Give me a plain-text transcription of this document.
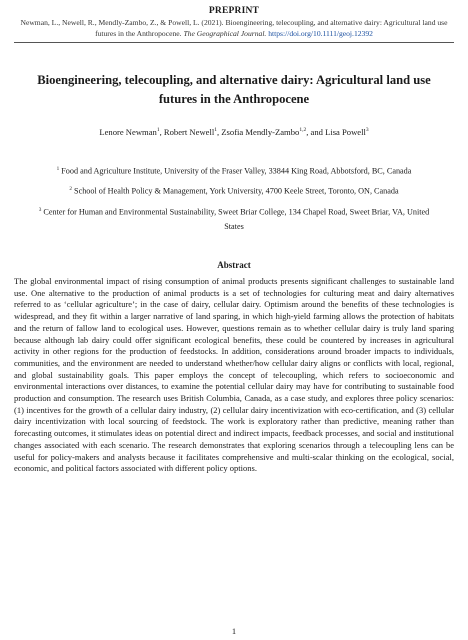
PREPRINT
Newman, L., Newell, R., Mendly-Zambo, Z., & Powell, L. (2021). Bioengineering, telecoupling, and alternative dairy: Agricultural land use futures in the Anthropocene. The Geographical Journal. https://doi.org/10.1111/geoj.12392
Bioengineering, telecoupling, and alternative dairy: Agricultural land use futures in the Anthropocene
Lenore Newman$^1$, Robert Newell$^1$, Zsofia Mendly-Zambo$^{1,2}$, and Lisa Powell$^3$
$^1$ Food and Agriculture Institute, University of the Fraser Valley, 33844 King Road, Abbotsford, BC, Canada
$^2$ School of Health Policy & Management, York University, 4700 Keele Street, Toronto, ON, Canada
$^3$ Center for Human and Environmental Sustainability, Sweet Briar College, 134 Chapel Road, Sweet Briar, VA, United States
Abstract
The global environmental impact of rising consumption of animal products presents significant challenges to sustainable land use. One alternative to the production of animal products is a set of technologies for culturing meat and dairy alternatives referred to as ‘cellular agriculture’; in the case of dairy, cellular dairy. Optimism around the benefits of these technologies is widespread, and they fit within a larger narrative of land sparing, in which high-yield farming allows the protection of habitats and the return of fallow land to ecological uses. However, questions remain as to whether cellular dairy is truly land sparing because although lab dairy could offer significant ecological benefits, these could be countered by increases in agricultural activity in other regions for the production of feedstocks. In addition, considerations around broader impacts to individuals, communities, and the environment are needed to understand whether/how cellular dairy aligns or conflicts with local, regional, and global sustainability goals. This paper employs the concept of telecoupling, which refers to socioeconomic and environmental interactions over distances, to examine the potential cellular dairy may have for contributing to sustainable food production and consumption. The research uses British Columbia, Canada, as a case study, and explores three policy scenarios: (1) incentives for the growth of a cellular dairy industry, (2) cellular dairy incentivization with eco-certification, and (3) cellular dairy incentivization with local sourcing of feedstock. The work is exploratory rather than predictive, meaning rather than forecasting outcomes, it stimulates ideas on potential direct and indirect impacts, feedback processes, and social and institutional changes associated with each scenario. The research demonstrates that exploring scenarios through a telecoupling lens can be useful for policy-makers and analysts because it facilitates comprehensive and multi-scalar thinking on the ecological, social, economic, and political factors associated with different policy options.
1
